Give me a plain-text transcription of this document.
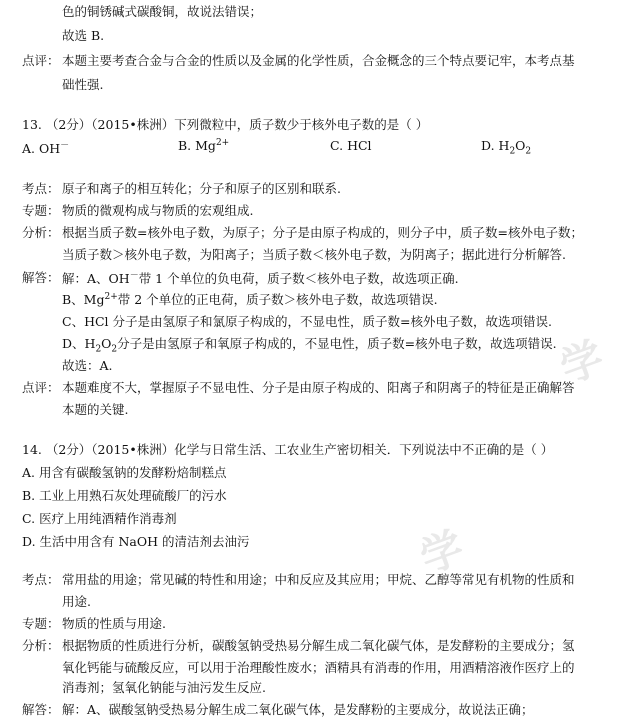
学
学
色的铜锈碱式碳酸铜，故说法错误；
故选 B.
点评： 本题主要考查合金与合金的性质以及金属的化学性质，合金概念的三个特点要记牢，本考点基
础性强.
13. （2分）（2015•株洲）下列微粒中，质子数少于核外电子数的是（ ）
A. OH－	B. $Mg^{2+}$	C. HCl	D. $H_2O_2$
考点： 原子和离子的相互转化；分子和原子的区别和联系.
专题： 物质的微观构成与物质的宏观组成.
分析： 根据当质子数=核外电子数，为原子；分子是由原子构成的，则分子中，质子数=核外电子数；
当质子数＞核外电子数，为阳离子；当质子数＜核外电子数，为阴离子；据此进行分析解答.
解答： 解：A、OH－带 1 个单位的负电荷，质子数＜核外电子数，故选项正确.
B、$Mg^{2+}$带 2 个单位的正电荷，质子数＞核外电子数，故选项错误.
C、HCl 分子是由氢原子和氯原子构成的，不显电性，质子数=核外电子数，故选项错误.
D、$H_2O_2$分子是由氢原子和氧原子构成的，不显电性，质子数=核外电子数，故选项错误.
故选：A.
点评： 本题难度不大，掌握原子不显电性、分子是由原子构成的、阳离子和阴离子的特征是正确解答
本题的关键.
14. （2分）（2015•株洲）化学与日常生活、工农业生产密切相关．下列说法中不正确的是（ ）
A. 用含有碳酸氢钠的发酵粉焙制糕点
B. 工业上用熟石灰处理硫酸厂的污水
C. 医疗上用纯酒精作消毒剂
D. 生活中用含有 NaOH 的清洁剂去油污
考点： 常用盐的用途；常见碱的特性和用途；中和反应及其应用；甲烷、乙醇等常见有机物的性质和
用途.
专题： 物质的性质与用途.
分析： 根据物质的性质进行分析，碳酸氢钠受热易分解生成二氧化碳气体，是发酵粉的主要成分；氢
氧化钙能与硫酸反应，可以用于治理酸性废水；酒精具有消毒的作用，用酒精溶液作医疗上的
消毒剂；氢氧化钠能与油污发生反应.
解答： 解：A、碳酸氢钠受热易分解生成二氧化碳气体，是发酵粉的主要成分，故说法正确；
